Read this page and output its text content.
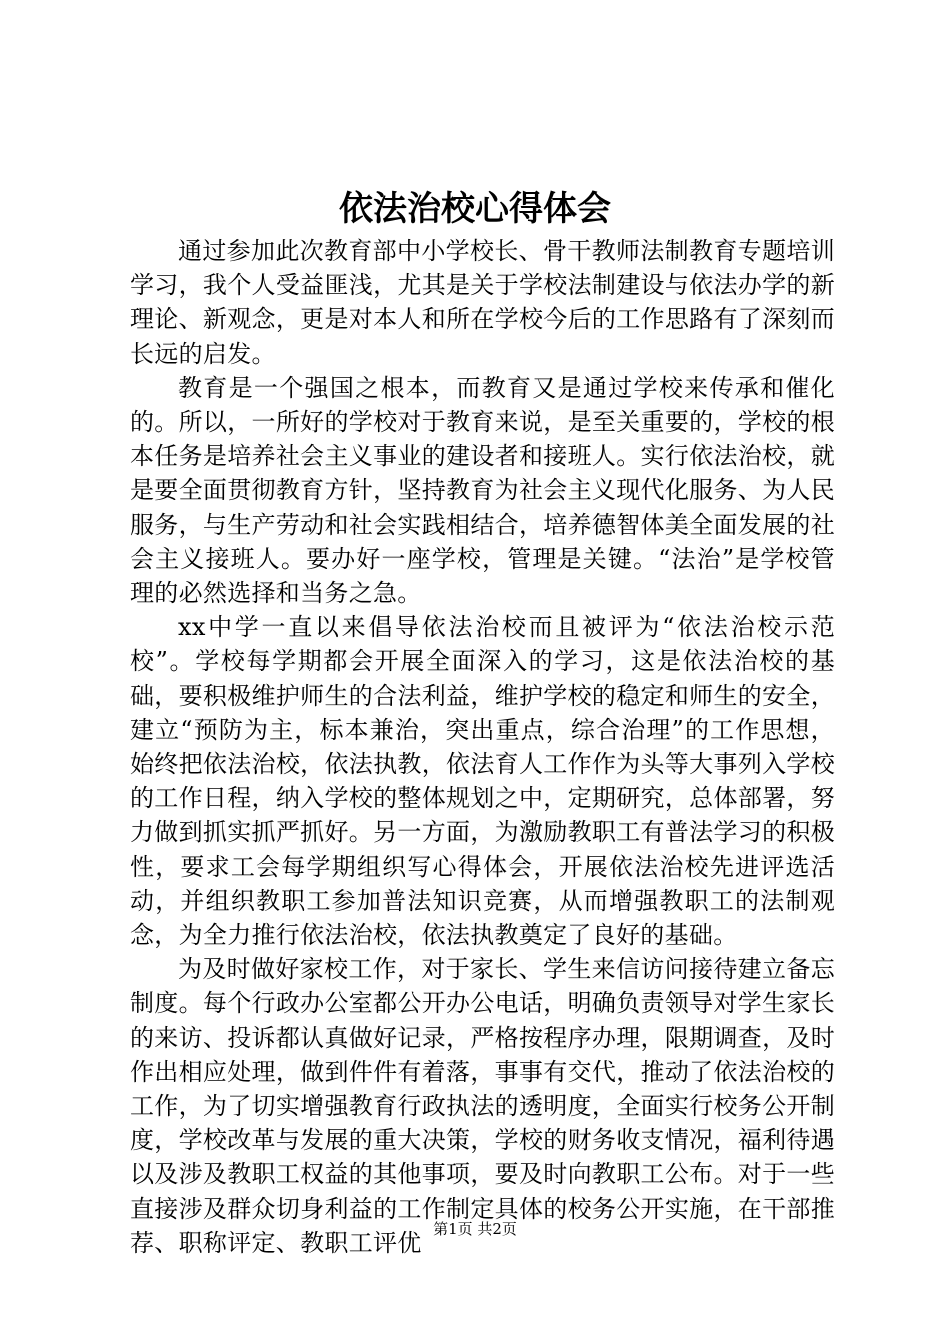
依法治校心得体会

通过参加此次教育部中小学校长、骨干教师法制教育专题培训学习，我个人受益匪浅，尤其是关于学校法制建设与依法办学的新理论、新观念，更是对本人和所在学校今后的工作思路有了深刻而长远的启发。

教育是一个强国之根本，而教育又是通过学校来传承和催化的。所以，一所好的学校对于教育来说，是至关重要的，学校的根本任务是培养社会主义事业的建设者和接班人。实行依法治校，就是要全面贯彻教育方针，坚持教育为社会主义现代化服务、为人民服务，与生产劳动和社会实践相结合，培养德智体美全面发展的社会主义接班人。要办好一座学校，管理是关键。“法治”是学校管理的必然选择和当务之急。

xx中学一直以来倡导依法治校而且被评为“依法治校示范校”。学校每学期都会开展全面深入的学习，这是依法治校的基础，要积极维护师生的合法利益，维护学校的稳定和师生的安全，建立“预防为主，标本兼治，突出重点，综合治理”的工作思想，始终把依法治校，依法执教，依法育人工作作为头等大事列入学校的工作日程，纳入学校的整体规划之中，定期研究，总体部署，努力做到抓实抓严抓好。另一方面，为激励教职工有普法学习的积极性，要求工会每学期组织写心得体会，开展依法治校先进评选活动，并组织教职工参加普法知识竞赛，从而增强教职工的法制观念，为全力推行依法治校，依法执教奠定了良好的基础。

为及时做好家校工作，对于家长、学生来信访问接待建立备忘制度。每个行政办公室都公开办公电话，明确负责领导对学生家长的来访、投诉都认真做好记录，严格按程序办理，限期调查，及时作出相应处理，做到件件有着落，事事有交代，推动了依法治校的工作，为了切实增强教育行政执法的透明度，全面实行校务公开制度，学校改革与发展的重大决策，学校的财务收支情况，福利待遇以及涉及教职工权益的其他事项，要及时向教职工公布。对于一些直接涉及群众切身利益的工作制定具体的校务公开实施，在干部推荐、职称评定、教职工评优 第1页 共2页
